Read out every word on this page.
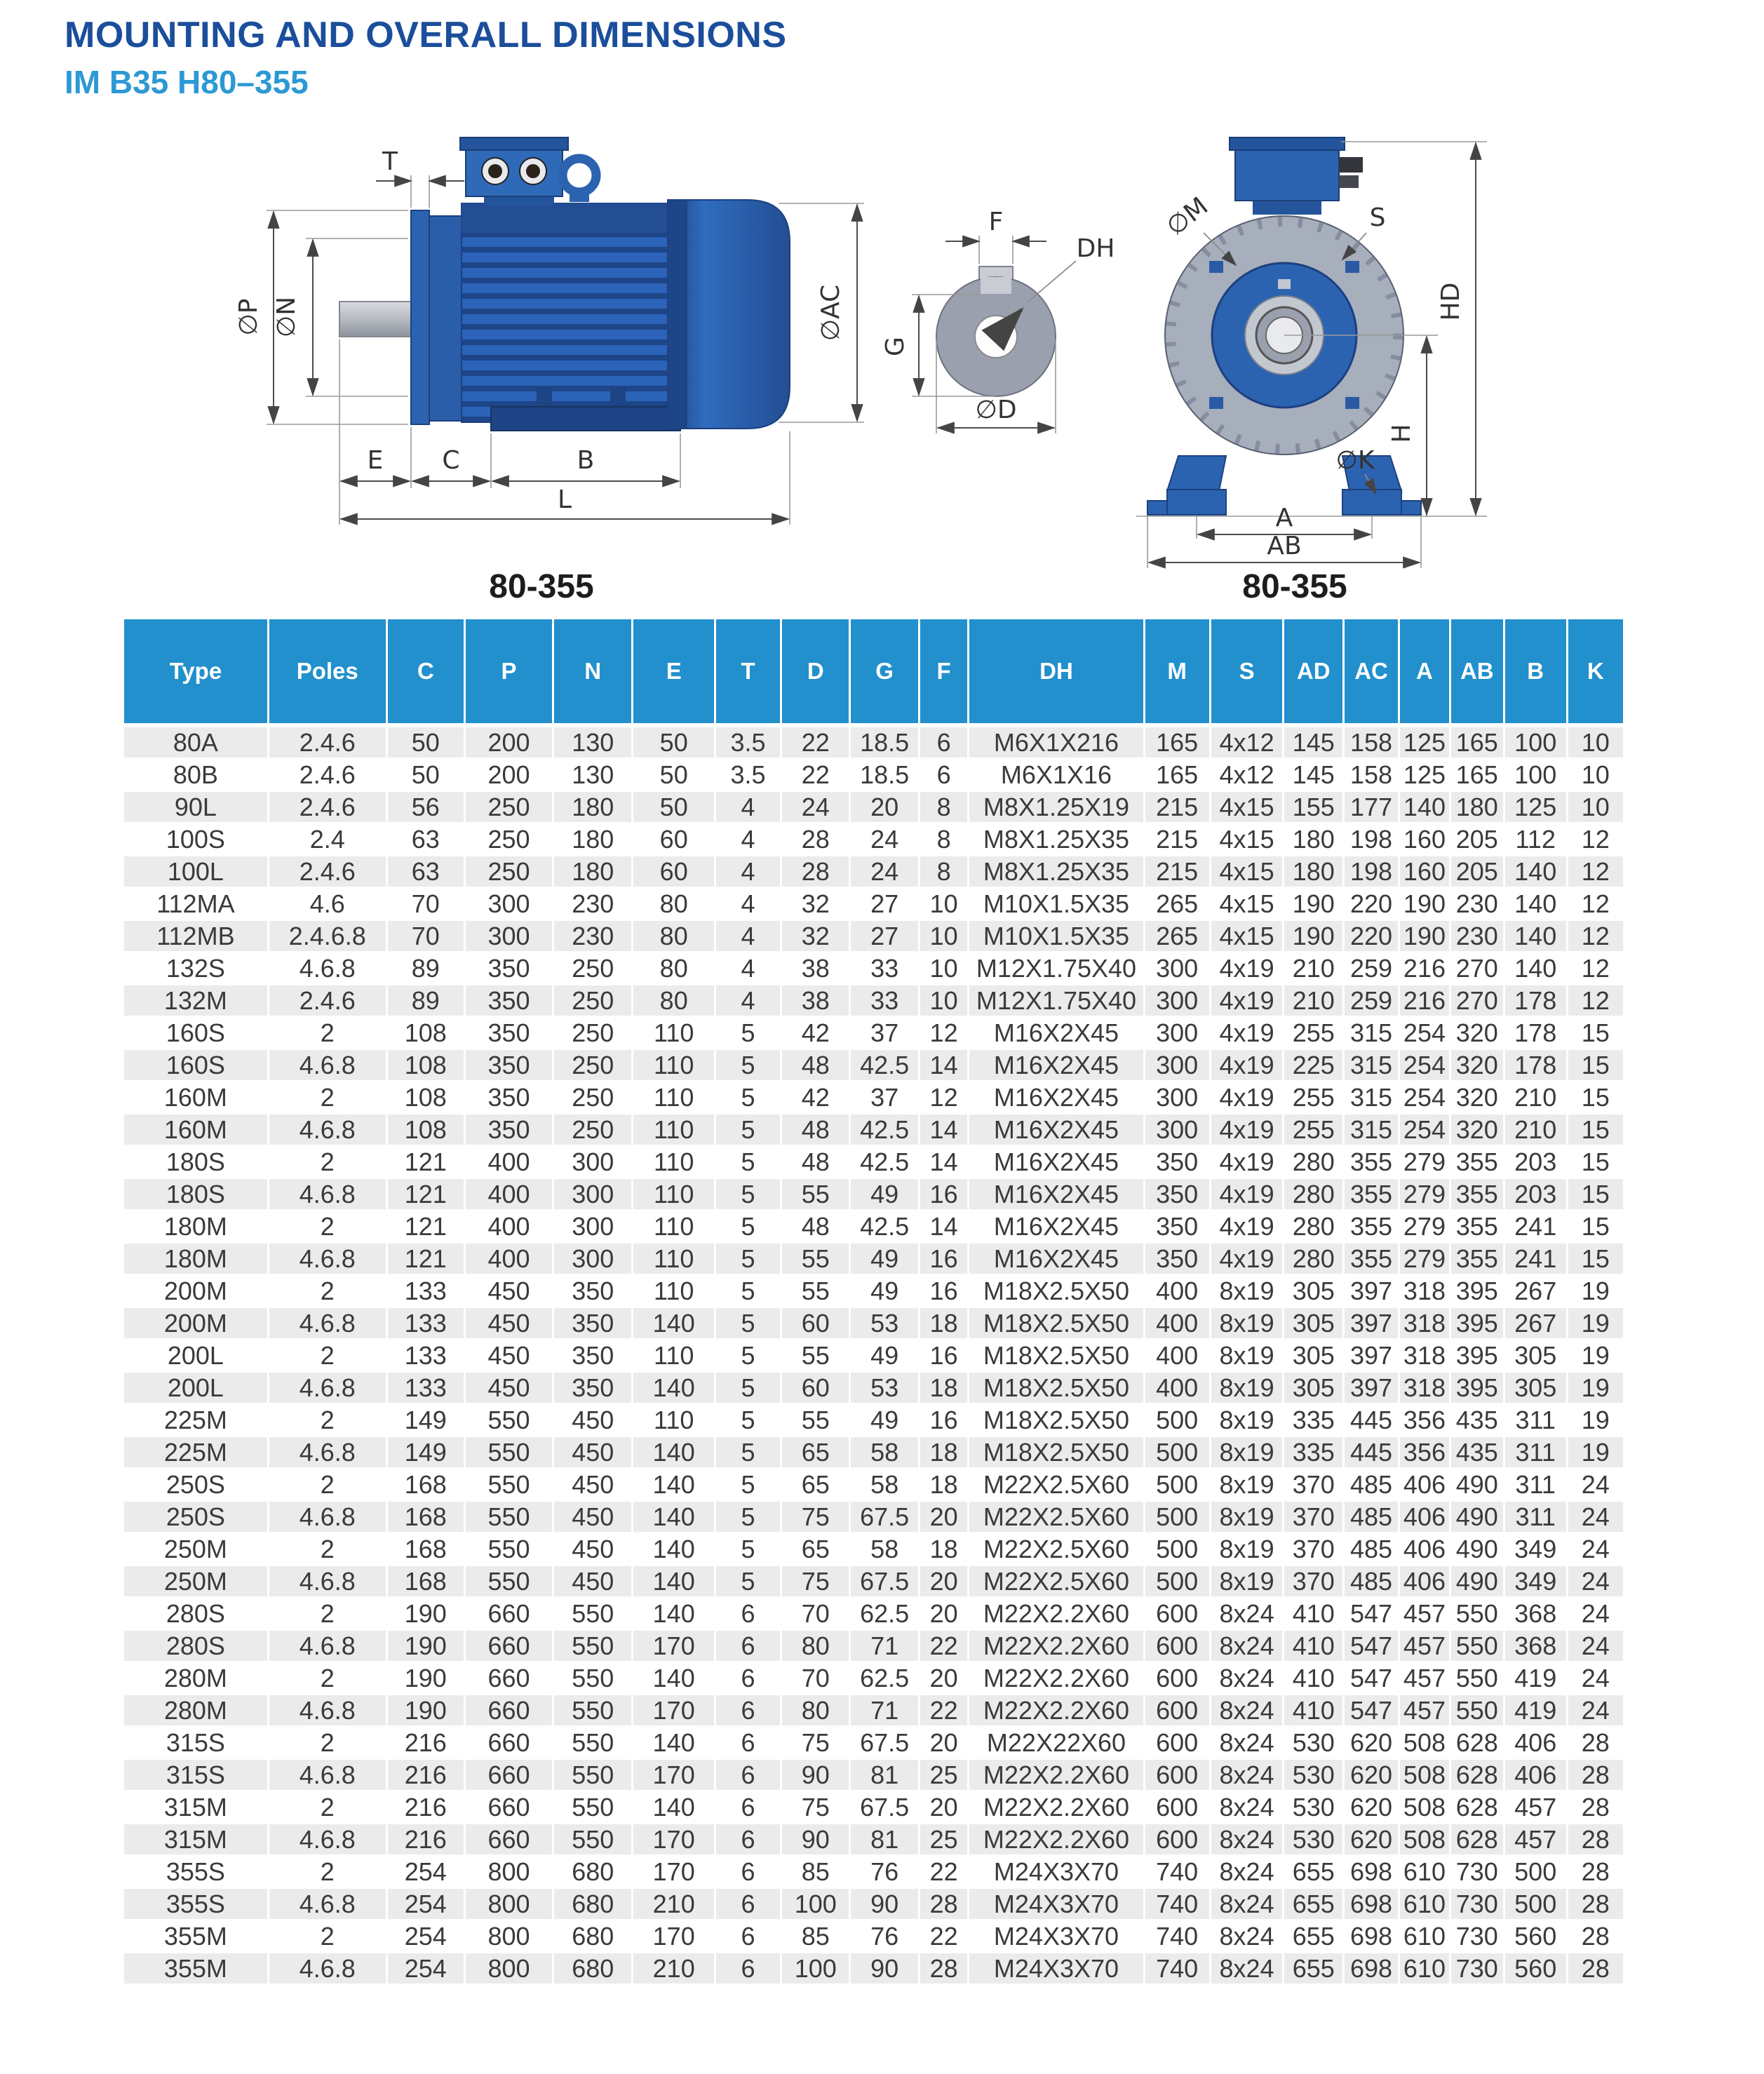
MOUNTING AND OVERALL DIMENSIONS
IM B35 H80–355
T
∅P ∅N	∅AC
E C	B
L
80-355
F
DH
G
∅D
HD
H
∅M	S
∅K
A
AB
80-355
Type	Poles	C	P	N	E	T	D	G	F	DH	M	S	AD	AC	A	AB	B	K
80A	2.4.6	50	200	130	50	3.5	22	18.5	6	M6X1X216	165	4x12	145	158	125	165	100	10
80B	2.4.6	50	200	130	50	3.5	22	18.5	6	M6X1X16	165	4x12	145	158	125	165	100	10
90L	2.4.6	56	250	180	50	4	24	20	8	M8X1.25X19	215	4x15	155	177	140	180	125	10
100S	2.4	63	250	180	60	4	28	24	8	M8X1.25X35	215	4x15	180	198	160	205	112	12
100L	2.4.6	63	250	180	60	4	28	24	8	M8X1.25X35	215	4x15	180	198	160	205	140	12
112MA	4.6	70	300	230	80	4	32	27	10	M10X1.5X35	265	4x15	190	220	190	230	140	12
112MB	2.4.6.8	70	300	230	80	4	32	27	10	M10X1.5X35	265	4x15	190	220	190	230	140	12
132S	4.6.8	89	350	250	80	4	38	33	10	M12X1.75X40	300	4x19	210	259	216	270	140	12
132M	2.4.6	89	350	250	80	4	38	33	10	M12X1.75X40	300	4x19	210	259	216	270	178	12
160S	2	108	350	250	110	5	42	37	12	M16X2X45	300	4x19	255	315	254	320	178	15
160S	4.6.8	108	350	250	110	5	48	42.5	14	M16X2X45	300	4x19	225	315	254	320	178	15
160M	2	108	350	250	110	5	42	37	12	M16X2X45	300	4x19	255	315	254	320	210	15
160M	4.6.8	108	350	250	110	5	48	42.5	14	M16X2X45	300	4x19	255	315	254	320	210	15
180S	2	121	400	300	110	5	48	42.5	14	M16X2X45	350	4x19	280	355	279	355	203	15
180S	4.6.8	121	400	300	110	5	55	49	16	M16X2X45	350	4x19	280	355	279	355	203	15
180M	2	121	400	300	110	5	48	42.5	14	M16X2X45	350	4x19	280	355	279	355	241	15
180M	4.6.8	121	400	300	110	5	55	49	16	M16X2X45	350	4x19	280	355	279	355	241	15
200M	2	133	450	350	110	5	55	49	16	M18X2.5X50	400	8x19	305	397	318	395	267	19
200M	4.6.8	133	450	350	140	5	60	53	18	M18X2.5X50	400	8x19	305	397	318	395	267	19
200L	2	133	450	350	110	5	55	49	16	M18X2.5X50	400	8x19	305	397	318	395	305	19
200L	4.6.8	133	450	350	140	5	60	53	18	M18X2.5X50	400	8x19	305	397	318	395	305	19
225M	2	149	550	450	110	5	55	49	16	M18X2.5X50	500	8x19	335	445	356	435	311	19
225M	4.6.8	149	550	450	140	5	65	58	18	M18X2.5X50	500	8x19	335	445	356	435	311	19
250S	2	168	550	450	140	5	65	58	18	M22X2.5X60	500	8x19	370	485	406	490	311	24
250S	4.6.8	168	550	450	140	5	75	67.5	20	M22X2.5X60	500	8x19	370	485	406	490	311	24
250M	2	168	550	450	140	5	65	58	18	M22X2.5X60	500	8x19	370	485	406	490	349	24
250M	4.6.8	168	550	450	140	5	75	67.5	20	M22X2.5X60	500	8x19	370	485	406	490	349	24
280S	2	190	660	550	140	6	70	62.5	20	M22X2.2X60	600	8x24	410	547	457	550	368	24
280S	4.6.8	190	660	550	170	6	80	71	22	M22X2.2X60	600	8x24	410	547	457	550	368	24
280M	2	190	660	550	140	6	70	62.5	20	M22X2.2X60	600	8x24	410	547	457	550	419	24
280M	4.6.8	190	660	550	170	6	80	71	22	M22X2.2X60	600	8x24	410	547	457	550	419	24
315S	2	216	660	550	140	6	75	67.5	20	M22X22X60	600	8x24	530	620	508	628	406	28
315S	4.6.8	216	660	550	170	6	90	81	25	M22X2.2X60	600	8x24	530	620	508	628	406	28
315M	2	216	660	550	140	6	75	67.5	20	M22X2.2X60	600	8x24	530	620	508	628	457	28
315M	4.6.8	216	660	550	170	6	90	81	25	M22X2.2X60	600	8x24	530	620	508	628	457	28
355S	2	254	800	680	170	6	85	76	22	M24X3X70	740	8x24	655	698	610	730	500	28
355S	4.6.8	254	800	680	210	6	100	90	28	M24X3X70	740	8x24	655	698	610	730	500	28
355M	2	254	800	680	170	6	85	76	22	M24X3X70	740	8x24	655	698	610	730	560	28
355M	4.6.8	254	800	680	210	6	100	90	28	M24X3X70	740	8x24	655	698	610	730	560	28
